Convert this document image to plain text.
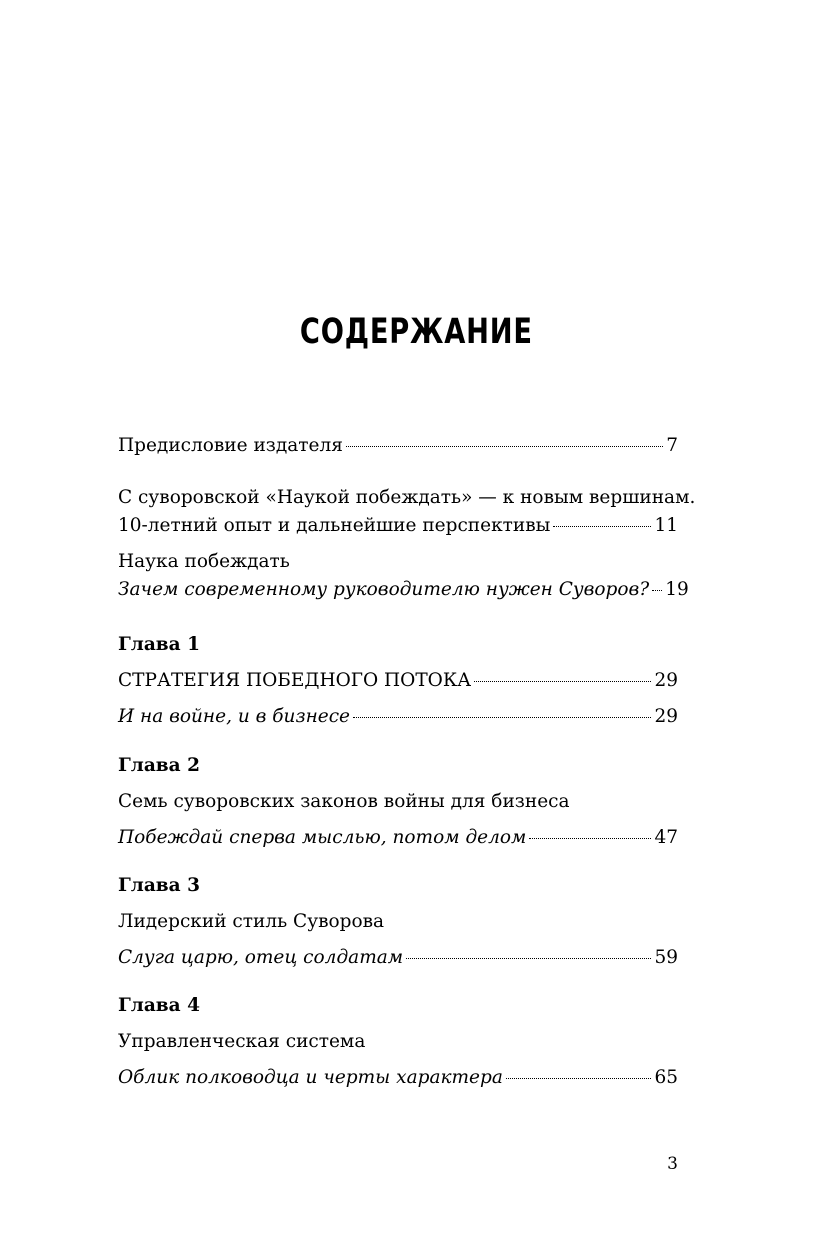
СОДЕРЖАНИЕ
Предисловие издателя	7
С суворовской «Наукой побеждать» — к новым вершинам.
10-летний опыт и дальнейшие перспективы	11
Наука побеждать
Зачем современному руководителю нужен Суворов? 19
Глава 1
СТРАТЕГИЯ ПОБЕДНОГО ПОТОКА	29
И на войне, и в бизнесе	29
Глава 2
Семь суворовских законов войны для бизнеса
Побеждай сперва мыслью, потом делом	47
Глава 3
Лидерский стиль Суворова
Слуга царю, отец солдатам	59
Глава 4
Управленческая система
Облик полководца и черты характера	65
3
